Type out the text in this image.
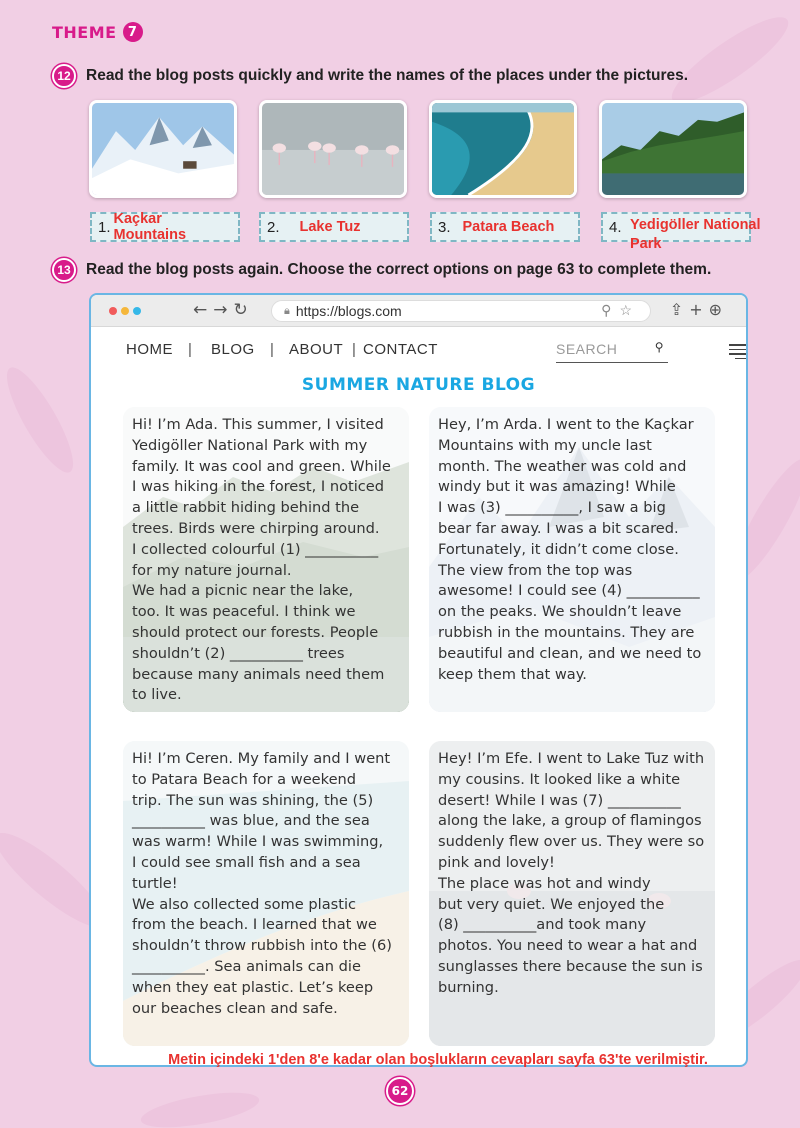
THEME 7
12 Read the blog posts quickly and write the names of the places under the pictures.
1. Kaçkar Mountains	2. Lake Tuz	3. Patara Beach	4. Yedigöller National
Park
13 Read the blog posts again. Choose the correct options on page 63 to complete them.
←→↻	🔒︎ https://blogs.com	⚲☆ ⇪+⊕
HOME | BLOG | ABOUT | CONTACT	SEARCH	⚲
SUMMER NATURE BLOG
Hi! I’m Ada. This summer, I visited
Yedigöller National Park with my
family. It was cool and green. While
I was hiking in the forest, I noticed
a little rabbit hiding behind the
trees. Birds were chirping around.
I collected colourful (1) __________
for my nature journal.
We had a picnic near the lake,
too. It was peaceful. I think we
should protect our forests. People
shouldn’t (2) __________ trees
because many animals need them
to live.
Hey, I’m Arda. I went to the Kaçkar
Mountains with my uncle last
month. The weather was cold and
windy but it was amazing! While
I was (3) __________, I saw a big
bear far away. I was a bit scared.
Fortunately, it didn’t come close.
The view from the top was
awesome! I could see (4) __________
on the peaks. We shouldn’t leave
rubbish in the mountains. They are
beautiful and clean, and we need to
keep them that way.
Hi! I’m Ceren. My family and I went
to Patara Beach for a weekend
trip. The sun was shining, the (5)
__________ was blue, and the sea
was warm! While I was swimming,
I could see small fish and a sea
turtle!
We also collected some plastic
from the beach. I learned that we
shouldn’t throw rubbish into the (6)
__________. Sea animals can die
when they eat plastic. Let’s keep
our beaches clean and safe.
Hey! I’m Efe. I went to Lake Tuz with
my cousins. It looked like a white
desert! While I was (7) __________
along the lake, a group of flamingos
suddenly flew over us. They were so
pink and lovely!
The place was hot and windy
but very quiet. We enjoyed the
(8) __________and took many
photos. You need to wear a hat and
sunglasses there because the sun is
burning.
Metin içindeki 1'den 8'e kadar olan boşlukların cevapları sayfa 63'te verilmiştir.
62
